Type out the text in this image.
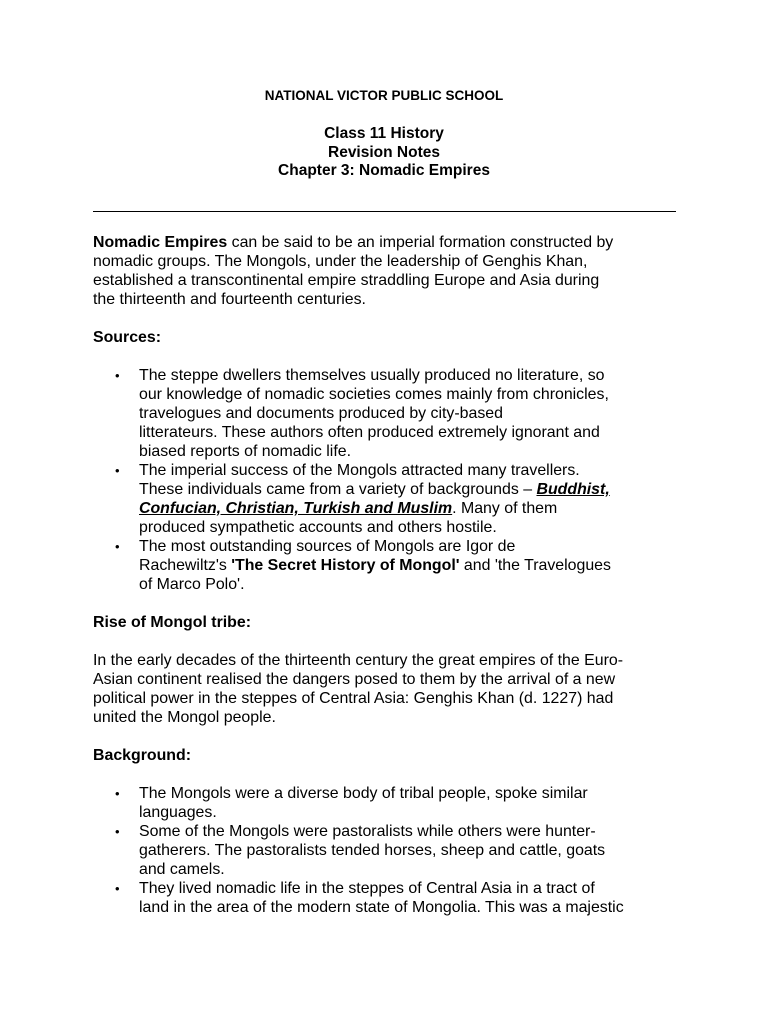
NATIONAL VICTOR PUBLIC SCHOOL
Class 11 History
Revision Notes
Chapter 3: Nomadic Empires

Nomadic Empires can be said to be an imperial formation constructed by
nomadic groups. The Mongols, under the leadership of Genghis Khan,
established a transcontinental empire straddling Europe and Asia during
the thirteenth and fourteenth centuries.

Sources:

• The steppe dwellers themselves usually produced no literature, so
our knowledge of nomadic societies comes mainly from chronicles,
travelogues and documents produced by city-based
litterateurs. These authors often produced extremely ignorant and
biased reports of nomadic life.
• The imperial success of the Mongols attracted many travellers.
These individuals came from a variety of backgrounds – Buddhist,
Confucian, Christian, Turkish and Muslim. Many of them
produced sympathetic accounts and others hostile.
• The most outstanding sources of Mongols are Igor de
Rachewiltz's 'The Secret History of Mongol' and 'the Travelogues
of Marco Polo'.

Rise of Mongol tribe:

In the early decades of the thirteenth century the great empires of the Euro-
Asian continent realised the dangers posed to them by the arrival of a new
political power in the steppes of Central Asia: Genghis Khan (d. 1227) had
united the Mongol people.

Background:

• The Mongols were a diverse body of tribal people, spoke similar
languages.
• Some of the Mongols were pastoralists while others were hunter-
gatherers. The pastoralists tended horses, sheep and cattle, goats
and camels.
• They lived nomadic life in the steppes of Central Asia in a tract of
land in the area of the modern state of Mongolia. This was a majestic
